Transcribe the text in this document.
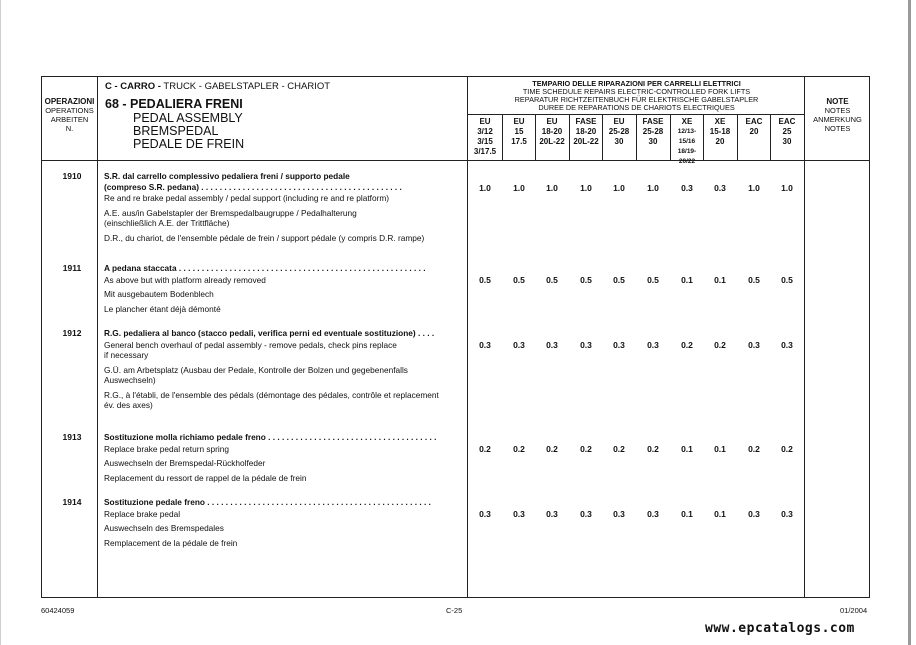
OPERAZIONI
OPERATIONS
ARBEITEN
N.
C - CARRO - TRUCK - GABELSTAPLER - CHARIOT
68 - PEDALIERA FRENI
PEDAL ASSEMBLY
BREMSPEDAL
PEDALE DE FREIN
TEMPARIO DELLE RIPARAZIONI PER CARRELLI ELETTRICI
TIME SCHEDULE REPAIRS ELECTRIC-CONTROLLED FORK LIFTS
REPARATUR RICHTZEITENBUCH FÜR ELEKTRISCHE GABELSTAPLER
DUREE DE REPARATIONS DE CHARIOTS ELECTRIQUES
NOTE
NOTES
ANMERKUNG
NOTES
EU
3/12
3/15
3/17.5
EU
15
17.5
EU
18-20
20L-22
FASE
18-20
20L-22
EU
25-28
30
FASE
25-28
30
XE
12/13-15/16
18/19-20/22
XE
15-18
20
EAC
20
EAC
25
30
1910	S.R. dal carrello complessivo pedaliera freni / supporto pedale
(compreso S.R. pedana) . . . . . . . . . . . . . . . . . . . . . . . . . . . . . . . . . . . . . . . . . . . .
Re and re brake pedal assembly / pedal support (including re and re platform)
A.E. aus/in Gabelstapler der Bremspedalbaugruppe / Pedalhalterung
(einschließlich A.E. der Trittfläche)
D.R., du chariot, de l'ensemble pédale de frein / support pédale (y compris D.R. rampe)
1.0	1.0	1.0	1.0	1.0	1.0	0.3	0.3	1.0	1.0
1911	A pedana staccata . . . . . . . . . . . . . . . . . . . . . . . . . . . . . . . . . . . . . . . . . . . . . . . . . . . . . .
As above but with platform already removed
Mit ausgebautem Bodenblech
Le plancher étant déjà démonté
0.5	0.5	0.5	0.5	0.5	0.5	0.1	0.1	0.5	0.5
1912	R.G. pedaliera al banco (stacco pedali, verifica perni ed eventuale sostituzione) . . . .
General bench overhaul of pedal assembly - remove pedals, check pins replace
if necessary
G.Ü. am Arbetsplatz (Ausbau der Pedale, Kontrolle der Bolzen und gegebenenfalls
Auswechseln)
R.G., à l'établi, de l'ensemble des pédals (démontage des pédales, contrôle et replacement
év. des axes)
0.3	0.3	0.3	0.3	0.3	0.3	0.2	0.2	0.3	0.3
1913	Sostituzione molla richiamo pedale freno . . . . . . . . . . . . . . . . . . . . . . . . . . . . . . . . . . . . .
Replace brake pedal return spring
Auswechseln der Bremspedal-Rückholfeder
Replacement du ressort de rappel de la pédale de frein
0.2	0.2	0.2	0.2	0.2	0.2	0.1	0.1	0.2	0.2
1914	Sostituzione pedale freno . . . . . . . . . . . . . . . . . . . . . . . . . . . . . . . . . . . . . . . . . . . . . . . . .
Replace brake pedal
Auswechseln des Bremspedales
Remplacement de la pédale de frein
0.3	0.3	0.3	0.3	0.3	0.3	0.1	0.1	0.3	0.3
60424059	C-25	01/2004
www.epcatalogs.com
